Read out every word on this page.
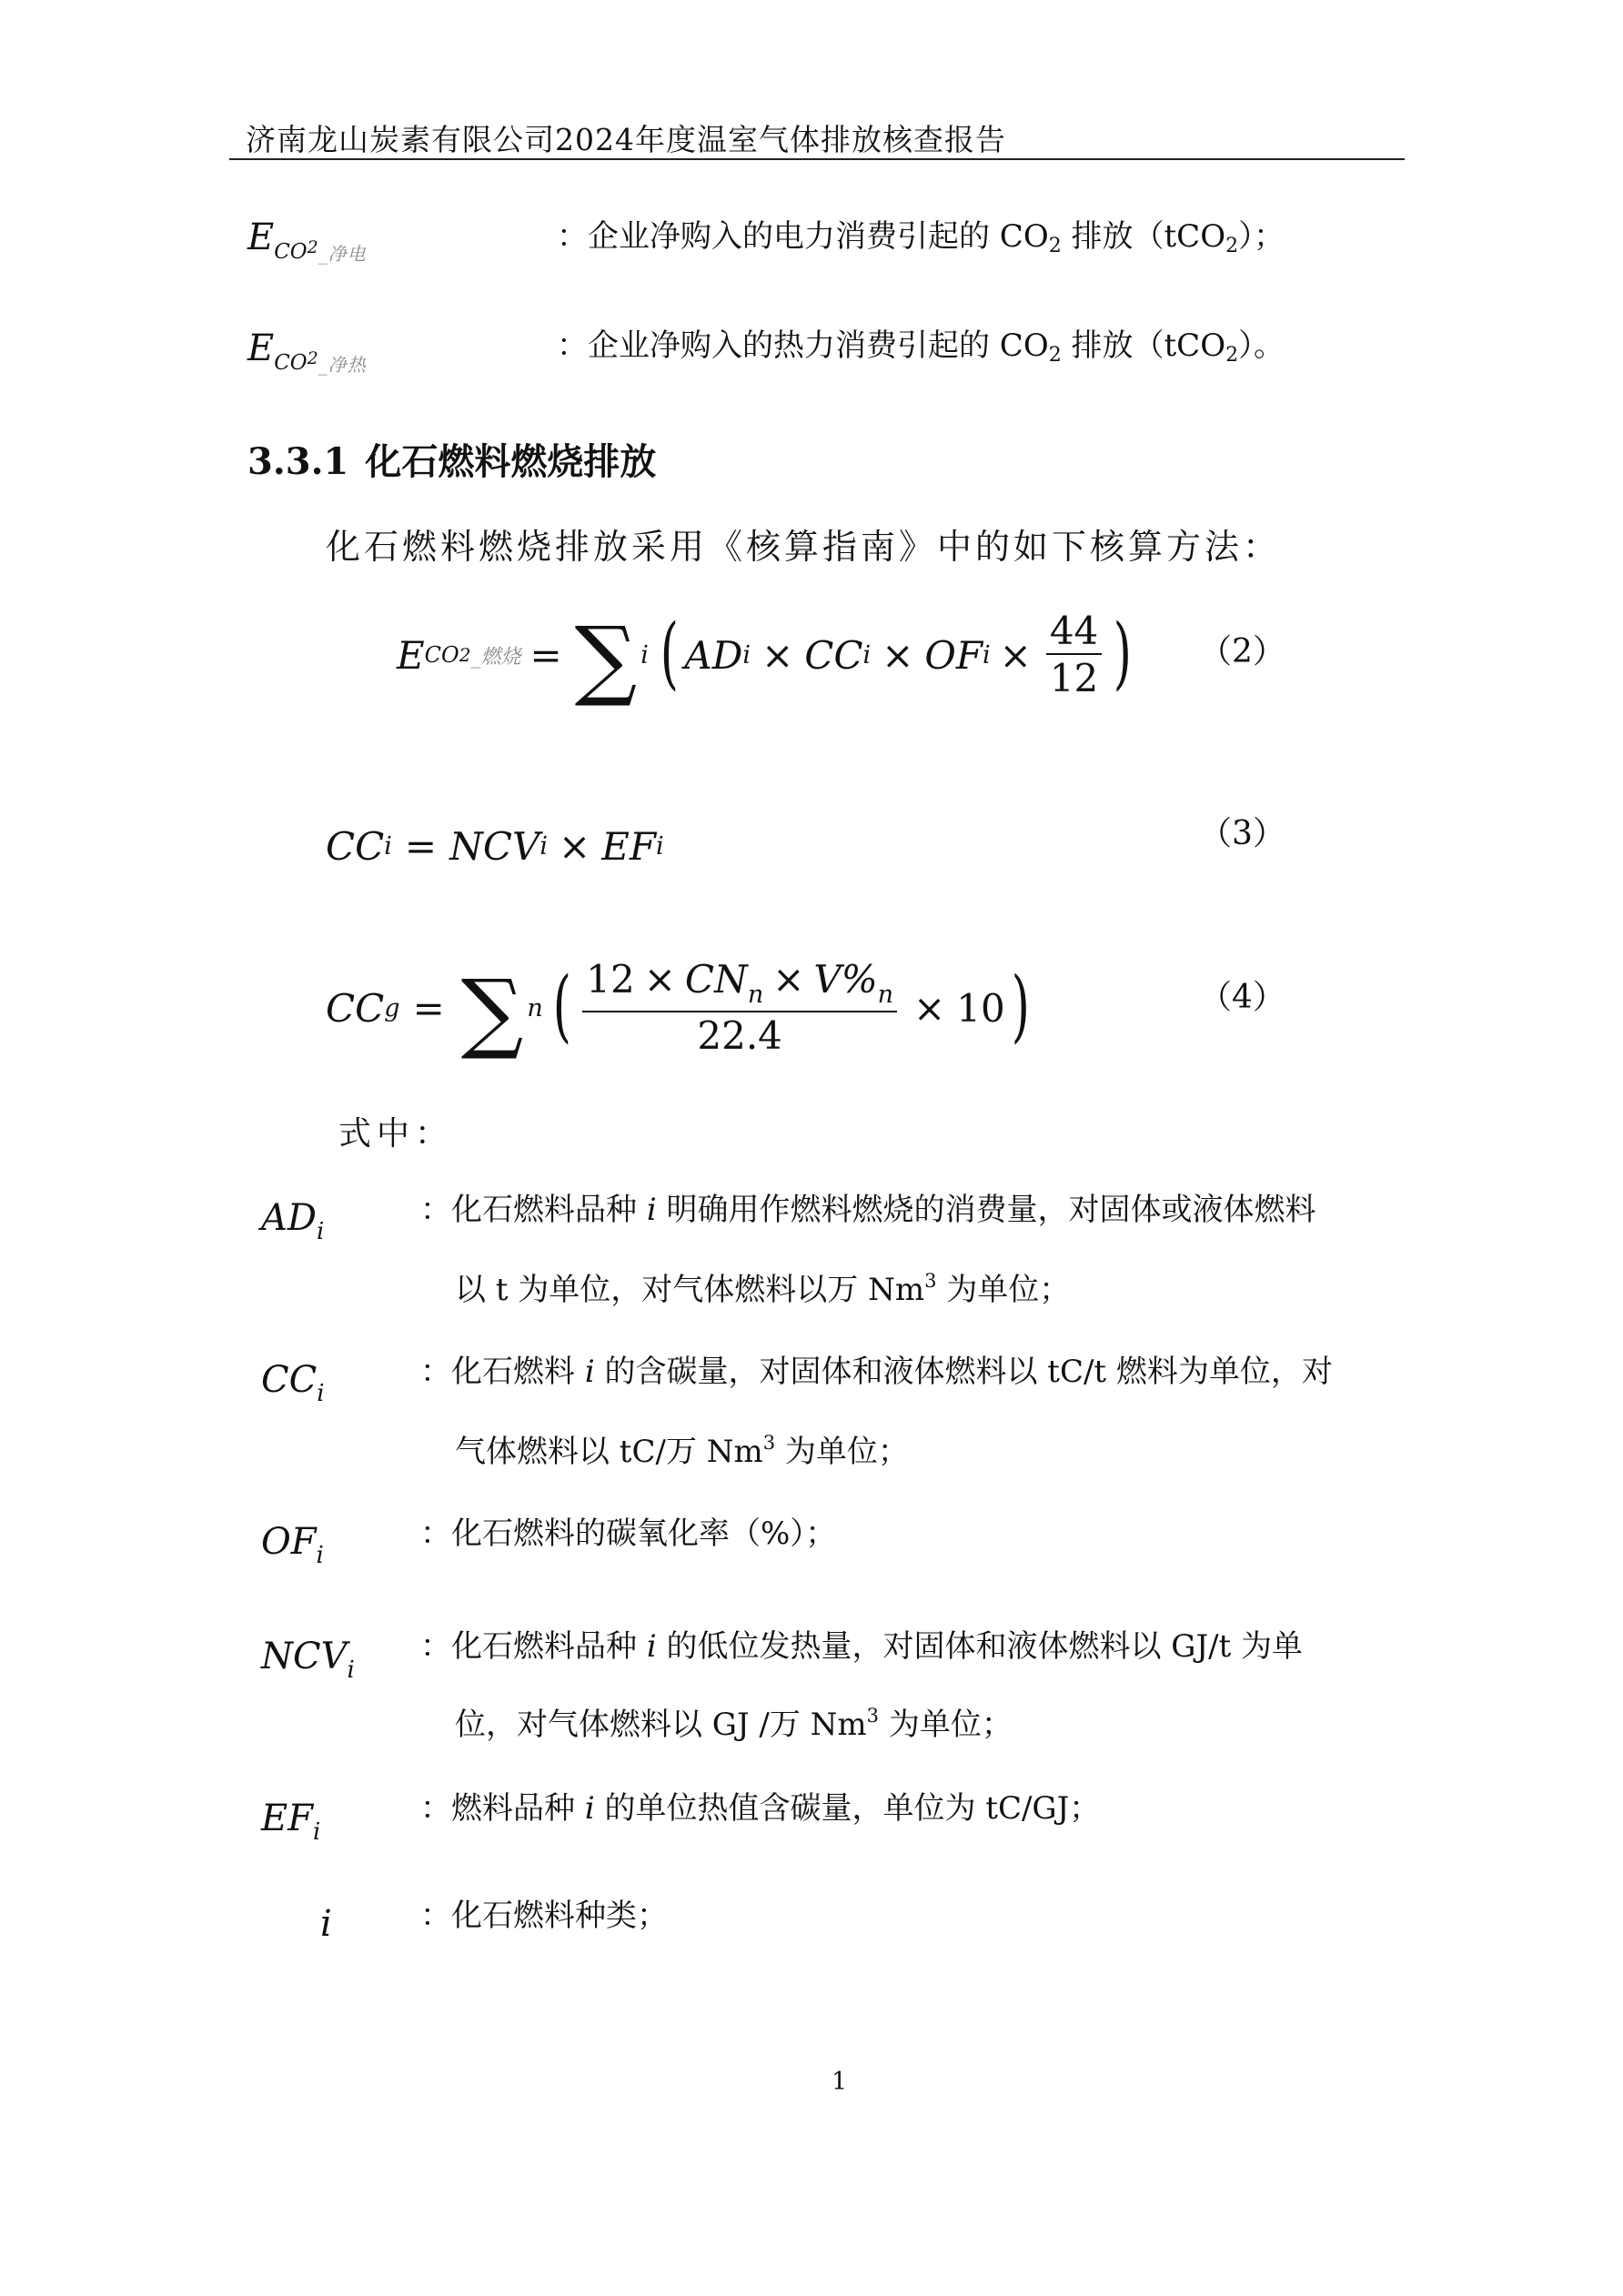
济南龙山炭素有限公司2024年度温室气体排放核查报告
$E_{CO}2_{\_净电}$	：企业净购入的电力消费引起的 $CO_2$ 排放（tCO$_2$）；
$E_{CO}2_{\_净热}$
：企业净购入的热力消费引起的 $CO_2$ 排放（tCO$_2$）。
3.3.1 化石燃料燃烧排放
化石燃料燃烧排放采用《核算指南》中的如下核算方法：
E CO 2 _燃烧 = ∑ i ( AD i × CC i × OF $i \times \frac{44}{12}$ ) （2）
CC i = NCV i × EF i	（3）
CC g = ∑ n ( $\frac{12 \times CN_n \times V\%_n}{22.4} \times 10$ )	（4）
式中：
$AD_i$
：化石燃料品种 i 明确用作燃料燃烧的消费量，对固体或液体燃料
以 t 为单位，对气体燃料以万 Nm$^3$ 为单位；
$CC_i$
：化石燃料 i 的含碳量，对固体和液体燃料以 tC/t 燃料为单位，对
气体燃料以 tC/万 Nm$^3$ 为单位；
$OF_i$
：化石燃料的碳氧化率（%）；
$NCV_i$
：化石燃料品种 i 的低位发热量，对固体和液体燃料以 GJ/t 为单
位，对气体燃料以 GJ /万 Nm$^3$ 为单位；
$EF_i$
：燃料品种 i 的单位热值含碳量，单位为 tC/GJ；
i	：化石燃料种类；
1
